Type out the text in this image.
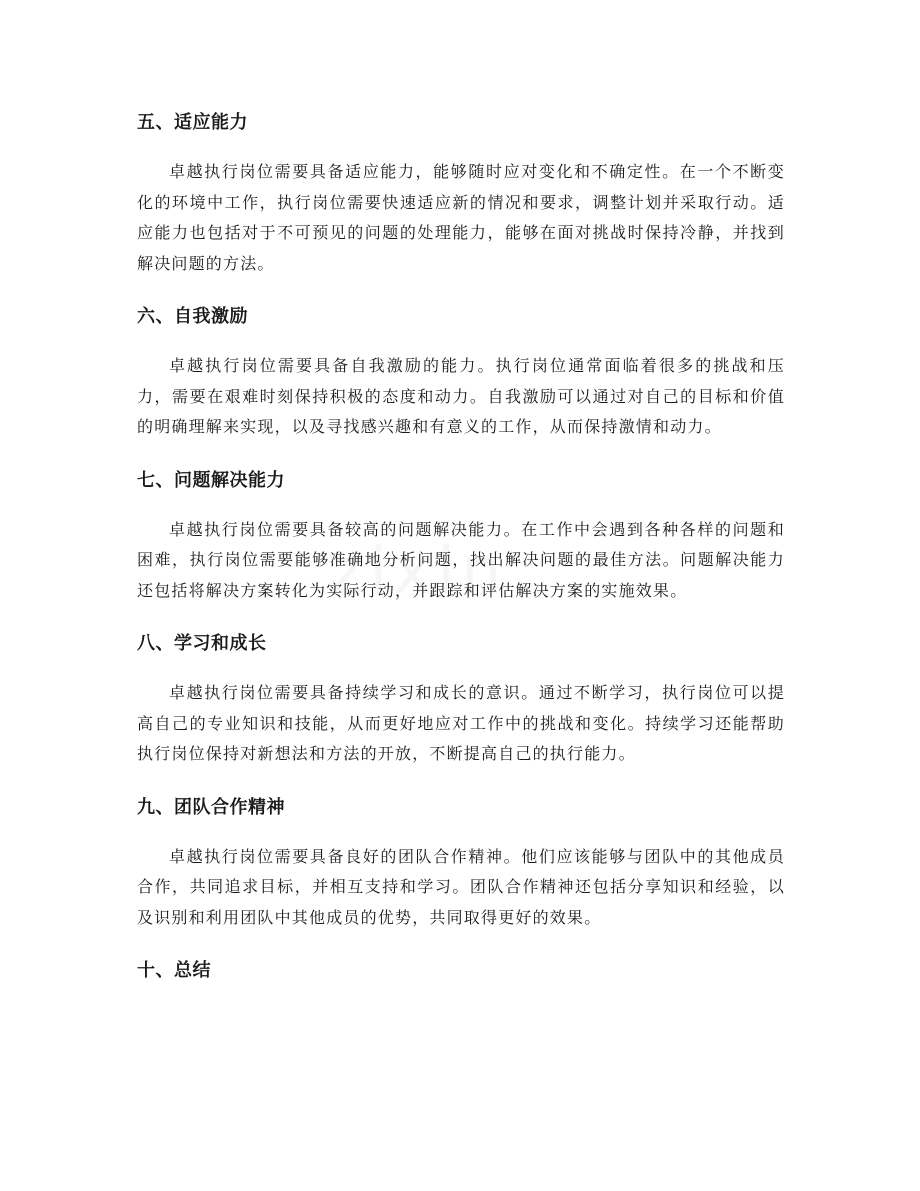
五、适应能力

卓越执行岗位需要具备适应能力，能够随时应对变化和不确定性。在一个不断变化的环境中工作，执行岗位需要快速适应新的情况和要求，调整计划并采取行动。适应能力也包括对于不可预见的问题的处理能力，能够在面对挑战时保持冷静，并找到解决问题的方法。

六、自我激励

卓越执行岗位需要具备自我激励的能力。执行岗位通常面临着很多的挑战和压力，需要在艰难时刻保持积极的态度和动力。自我激励可以通过对自己的目标和价值的明确理解来实现，以及寻找感兴趣和有意义的工作，从而保持激情和动力。

七、问题解决能力

卓越执行岗位需要具备较高的问题解决能力。在工作中会遇到各种各样的问题和困难，执行岗位需要能够准确地分析问题，找出解决问题的最佳方法。问题解决能力还包括将解决方案转化为实际行动，并跟踪和评估解决方案的实施效果。

八、学习和成长

卓越执行岗位需要具备持续学习和成长的意识。通过不断学习，执行岗位可以提高自己的专业知识和技能，从而更好地应对工作中的挑战和变化。持续学习还能帮助执行岗位保持对新想法和方法的开放，不断提高自己的执行能力。

九、团队合作精神

卓越执行岗位需要具备良好的团队合作精神。他们应该能够与团队中的其他成员合作，共同追求目标，并相互支持和学习。团队合作精神还包括分享知识和经验，以及识别和利用团队中其他成员的优势，共同取得更好的效果。

十、总结
